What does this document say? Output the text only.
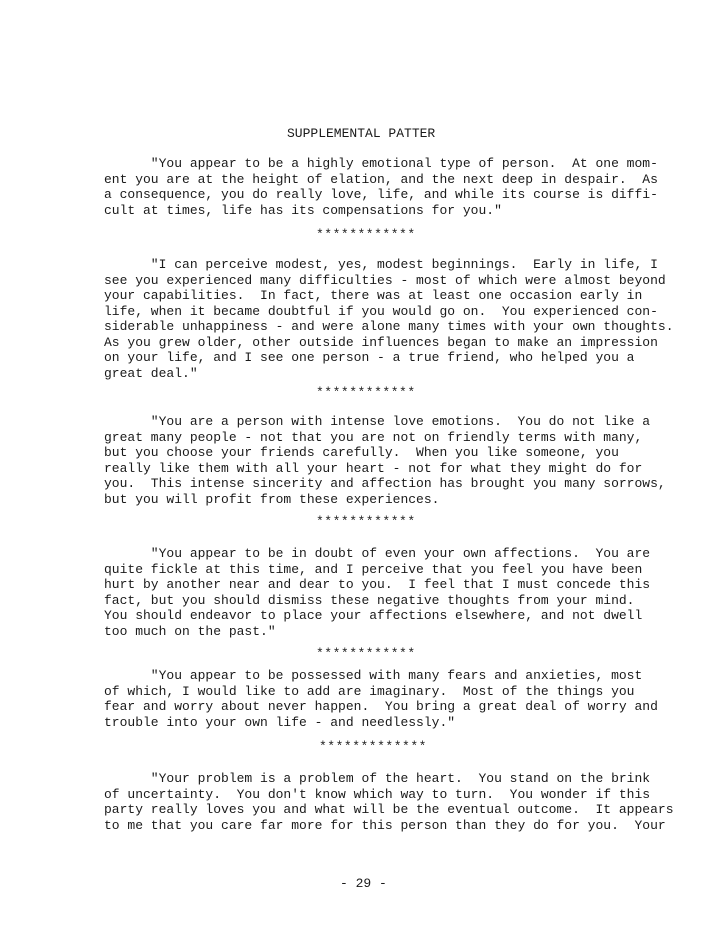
SUPPLEMENTAL PATTER
"You appear to be a highly emotional type of person.  At one mom-
ent you are at the height of elation, and the next deep in despair.  As
a consequence, you do really love, life, and while its course is diffi-
cult at times, life has its compensations for you."
************
"I can perceive modest, yes, modest beginnings.  Early in life, I
see you experienced many difficulties - most of which were almost beyond
your capabilities.  In fact, there was at least one occasion early in
life, when it became doubtful if you would go on.  You experienced con-
siderable unhappiness - and were alone many times with your own thoughts.
As you grew older, other outside influences began to make an impression
on your life, and I see one person - a true friend, who helped you a
great deal."
************
"You are a person with intense love emotions.  You do not like a
great many people - not that you are not on friendly terms with many,
but you choose your friends carefully.  When you like someone, you
really like them with all your heart - not for what they might do for
you.  This intense sincerity and affection has brought you many sorrows,
but you will profit from these experiences.
************
"You appear to be in doubt of even your own affections.  You are
quite fickle at this time, and I perceive that you feel you have been
hurt by another near and dear to you.  I feel that I must concede this
fact, but you should dismiss these negative thoughts from your mind.
You should endeavor to place your affections elsewhere, and not dwell
too much on the past."
************
"You appear to be possessed with many fears and anxieties, most
of which, I would like to add are imaginary.  Most of the things you
fear and worry about never happen.  You bring a great deal of worry and
trouble into your own life - and needlessly."
*************
"Your problem is a problem of the heart.  You stand on the brink
of uncertainty.  You don't know which way to turn.  You wonder if this
party really loves you and what will be the eventual outcome.  It appears
to me that you care far more for this person than they do for you.  Your
- 29 -
